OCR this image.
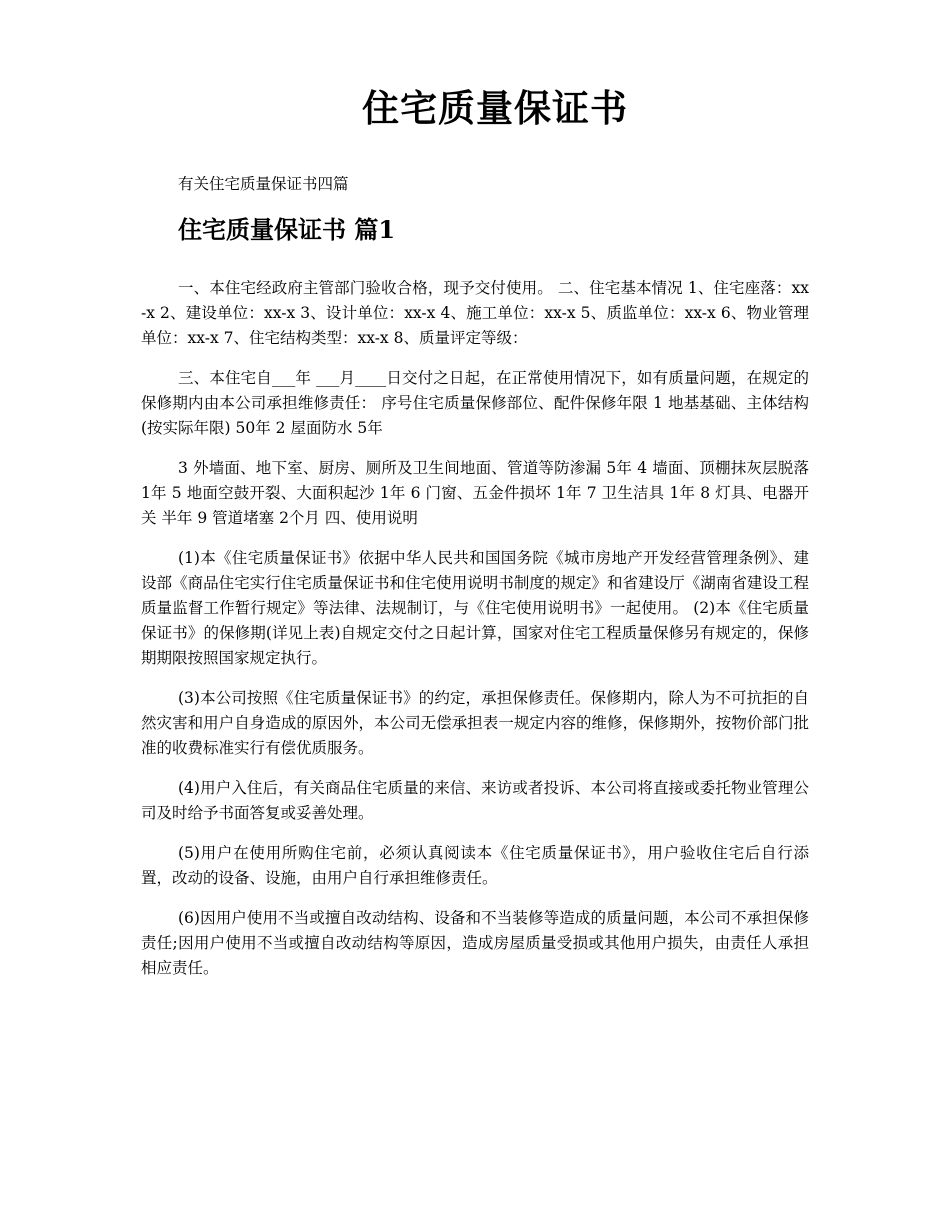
住宅质量保证书

有关住宅质量保证书四篇

住宅质量保证书 篇1

一、本住宅经政府主管部门验收合格，现予交付使用。 二、住宅基本情况 1、住宅座落：xx-x 2、建设单位：xx-x 3、设计单位：xx-x 4、施工单位：xx-x 5、质监单位：xx-x 6、物业管理单位：xx-x 7、住宅结构类型：xx-x 8、质量评定等级：

三、本住宅自___年 ___月____日交付之日起，在正常使用情况下，如有质量问题，在规定的保修期内由本公司承担维修责任： 序号住宅质量保修部位、配件保修年限 1 地基基础、主体结构(按实际年限) 50年 2 屋面防水 5年

3 外墙面、地下室、厨房、厕所及卫生间地面、管道等防渗漏 5年 4 墙面、顶棚抹灰层脱落 1年 5 地面空鼓开裂、大面积起沙 1年 6 门窗、五金件损坏 1年 7 卫生洁具 1年 8 灯具、电器开关 半年 9 管道堵塞 2个月 四、使用说明

(1)本《住宅质量保证书》依据中华人民共和国国务院《城市房地产开发经营管理条例》、建设部《商品住宅实行住宅质量保证书和住宅使用说明书制度的规定》和省建设厅《湖南省建设工程质量监督工作暂行规定》等法律、法规制订，与《住宅使用说明书》一起使用。 (2)本《住宅质量保证书》的保修期(详见上表)自规定交付之日起计算，国家对住宅工程质量保修另有规定的，保修期期限按照国家规定执行。

(3)本公司按照《住宅质量保证书》的约定，承担保修责任。保修期内，除人为不可抗拒的自然灾害和用户自身造成的原因外，本公司无偿承担表一规定内容的维修，保修期外，按物价部门批准的收费标准实行有偿优质服务。

(4)用户入住后，有关商品住宅质量的来信、来访或者投诉、本公司将直接或委托物业管理公司及时给予书面答复或妥善处理。

(5)用户在使用所购住宅前，必须认真阅读本《住宅质量保证书》，用户验收住宅后自行添置，改动的设备、设施，由用户自行承担维修责任。

(6)因用户使用不当或擅自改动结构、设备和不当装修等造成的质量问题，本公司不承担保修责任;因用户使用不当或擅自改动结构等原因，造成房屋质量受损或其他用户损失，由责任人承担相应责任。
